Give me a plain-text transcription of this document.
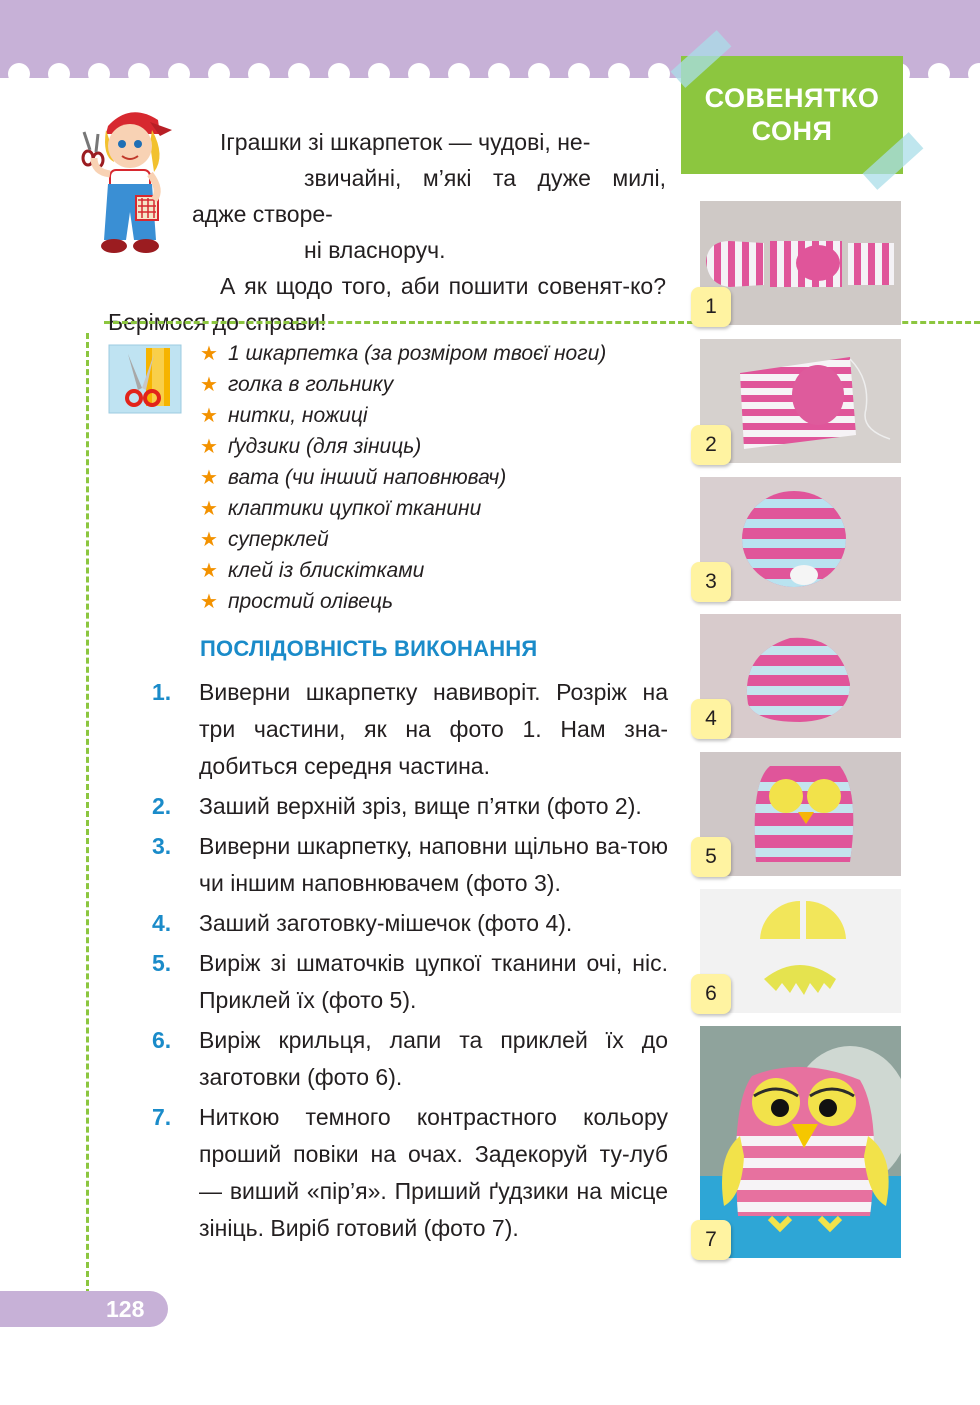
СОВЕНЯТКО
СОНЯ

Іграшки зі шкарпеток — чудові, не-
звичайні, м’які та дуже милі, адже створе-
ні власноруч.

А як щодо того, аби пошити совенят-ко? Берімося до справи!

★ 1 шкарпетка (за розміром твоєї ноги)
★ голка в гольнику
★ нитки, ножиці
★ ґудзики (для зіниць)
★ вата (чи інший наповнювач)
★ клаптики цупкої тканини
★ суперклей
★ клей із блискітками
★ простий олівець
ПОСЛІДОВНІСТЬ ВИКОНАННЯ
1. Виверни шкарпетку навиворіт. Розріж на три частини, як на фото 1. Нам зна-добиться середня частина.
2. Заший верхній зріз, вище п’ятки (фото 2).
3. Виверни шкарпетку, наповни щільно ва-тою чи іншим наповнювачем (фото 3).
4. Заший заготовку-мішечок (фото 4).
5. Виріж зі шматочків цупкої тканини очі, ніс. Приклей їх (фото 5).
6. Виріж крильця, лапи та приклей їх до заготовки (фото 6).
7. Ниткою темного контрастного кольору проший повіки на очах. Задекоруй ту-луб — виший «пір’я». Приший ґудзики на місце зініць. Виріб готовий (фото 7).
1
2
3
4
5
6
7
128
